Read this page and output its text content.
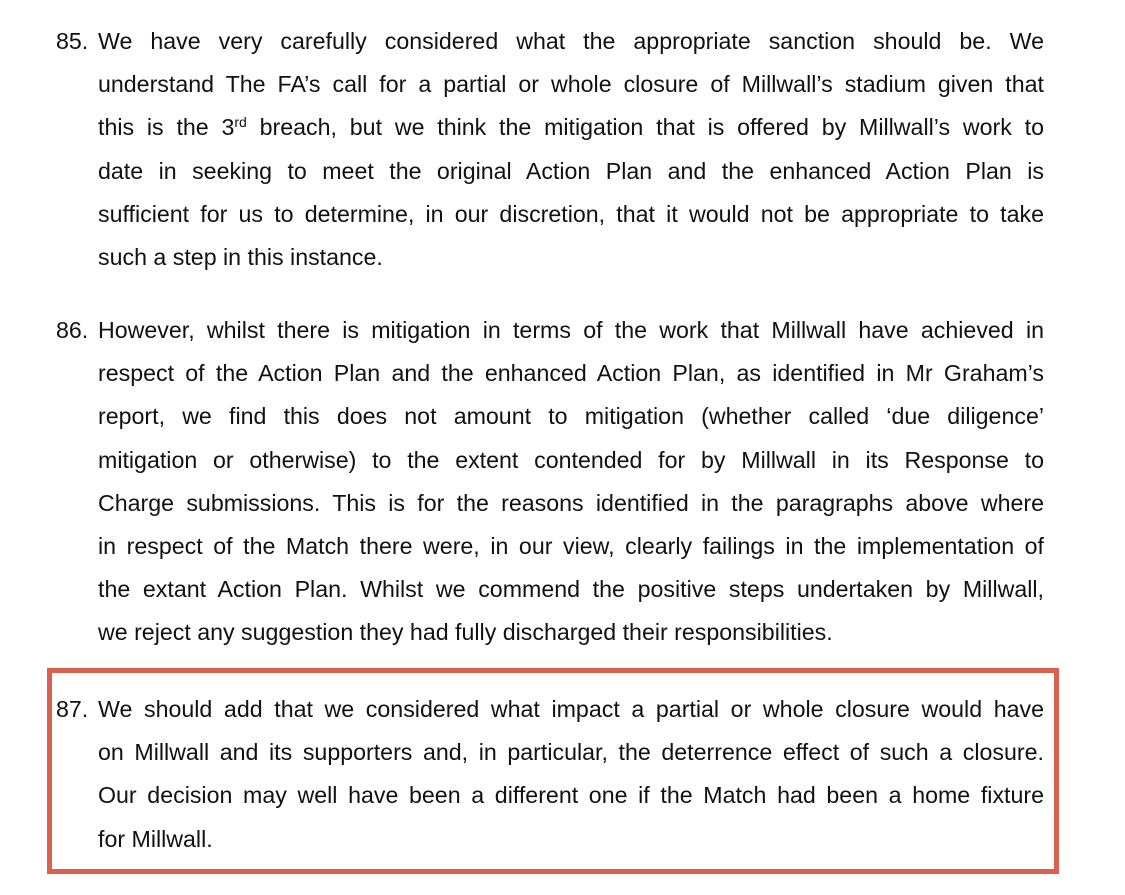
85. We have very carefully considered what the appropriate sanction should be. We
understand The FA’s call for a partial or whole closure of Millwall’s stadium given that
this is the 3rd breach, but we think the mitigation that is offered by Millwall’s work to
date in seeking to meet the original Action Plan and the enhanced Action Plan is
sufficient for us to determine, in our discretion, that it would not be appropriate to take
such a step in this instance.
86. However, whilst there is mitigation in terms of the work that Millwall have achieved in
respect of the Action Plan and the enhanced Action Plan, as identified in Mr Graham’s
report, we find this does not amount to mitigation (whether called ‘due diligence’
mitigation or otherwise) to the extent contended for by Millwall in its Response to
Charge submissions. This is for the reasons identified in the paragraphs above where
in respect of the Match there were, in our view, clearly failings in the implementation of
the extant Action Plan. Whilst we commend the positive steps undertaken by Millwall,
we reject any suggestion they had fully discharged their responsibilities.
87. We should add that we considered what impact a partial or whole closure would have
on Millwall and its supporters and, in particular, the deterrence effect of such a closure.
Our decision may well have been a different one if the Match had been a home fixture
for Millwall.
